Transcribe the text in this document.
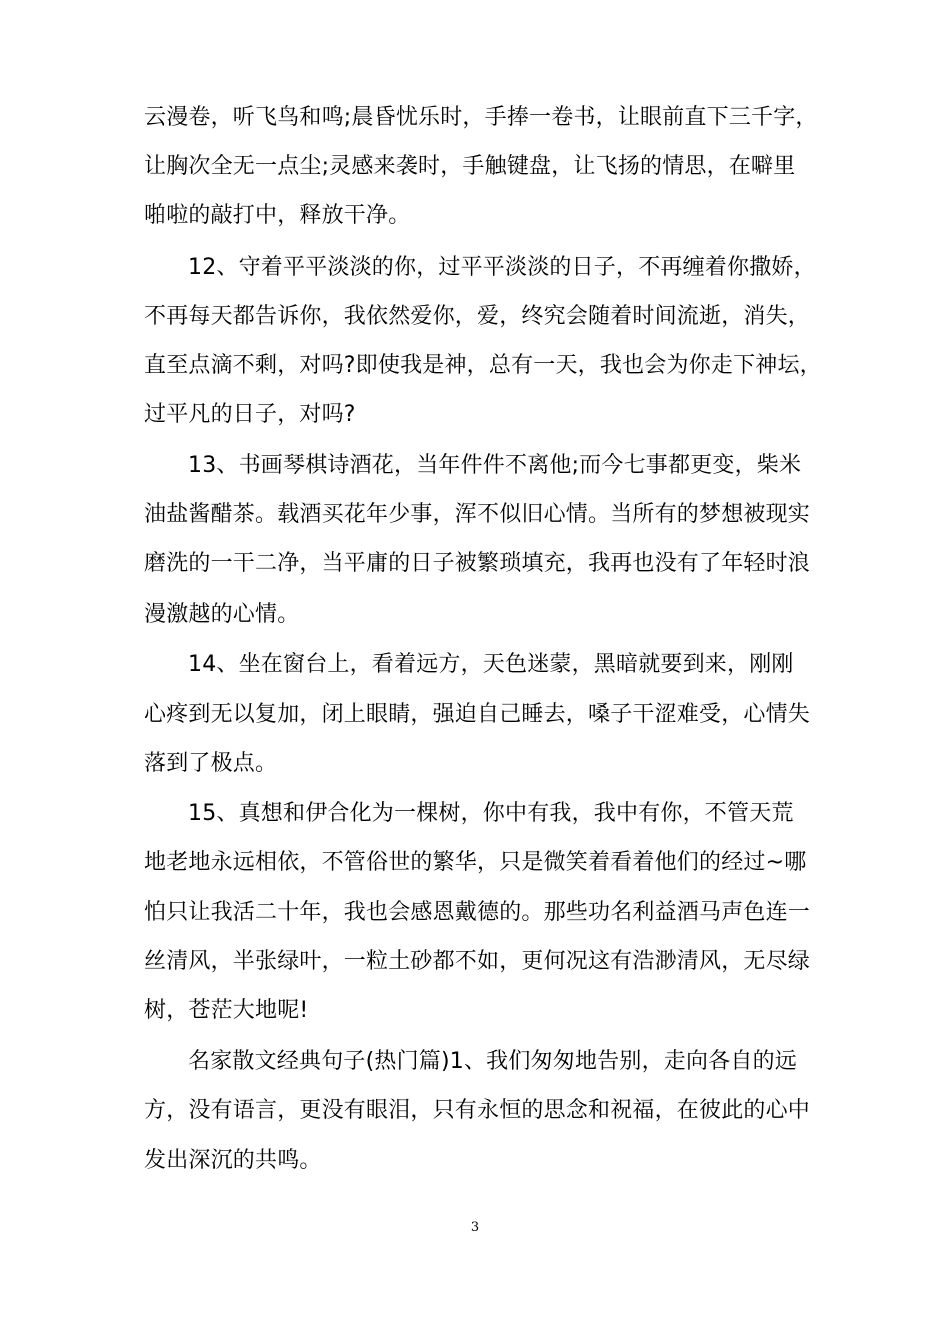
云漫卷，听飞鸟和鸣;晨昏忧乐时，手捧一卷书，让眼前直下三千字，
让胸次全无一点尘;灵感来袭时，手触键盘，让飞扬的情思，在噼里
啪啦的敲打中，释放干净。
12、守着平平淡淡的你，过平平淡淡的日子，不再缠着你撒娇，
不再每天都告诉你，我依然爱你，爱，终究会随着时间流逝，消失，
直至点滴不剩，对吗?即使我是神，总有一天，我也会为你走下神坛，
过平凡的日子，对吗?
13、书画琴棋诗酒花，当年件件不离他;而今七事都更变，柴米
油盐酱醋茶。载酒买花年少事，浑不似旧心情。当所有的梦想被现实
磨洗的一干二净，当平庸的日子被繁琐填充，我再也没有了年轻时浪
漫激越的心情。
14、坐在窗台上，看着远方，天色迷蒙，黑暗就要到来，刚刚
心疼到无以复加，闭上眼睛，强迫自己睡去，嗓子干涩难受，心情失
落到了极点。
15、真想和伊合化为一棵树，你中有我，我中有你，不管天荒
地老地永远相依，不管俗世的繁华，只是微笑着看着他们的经过~哪
怕只让我活二十年，我也会感恩戴德的。那些功名利益酒马声色连一
丝清风，半张绿叶，一粒土砂都不如，更何况这有浩渺清风，无尽绿
树，苍茫大地呢!
名家散文经典句子(热门篇)1、我们匆匆地告别，走向各自的远
方，没有语言，更没有眼泪，只有永恒的思念和祝福，在彼此的心中
发出深沉的共鸣。
3
